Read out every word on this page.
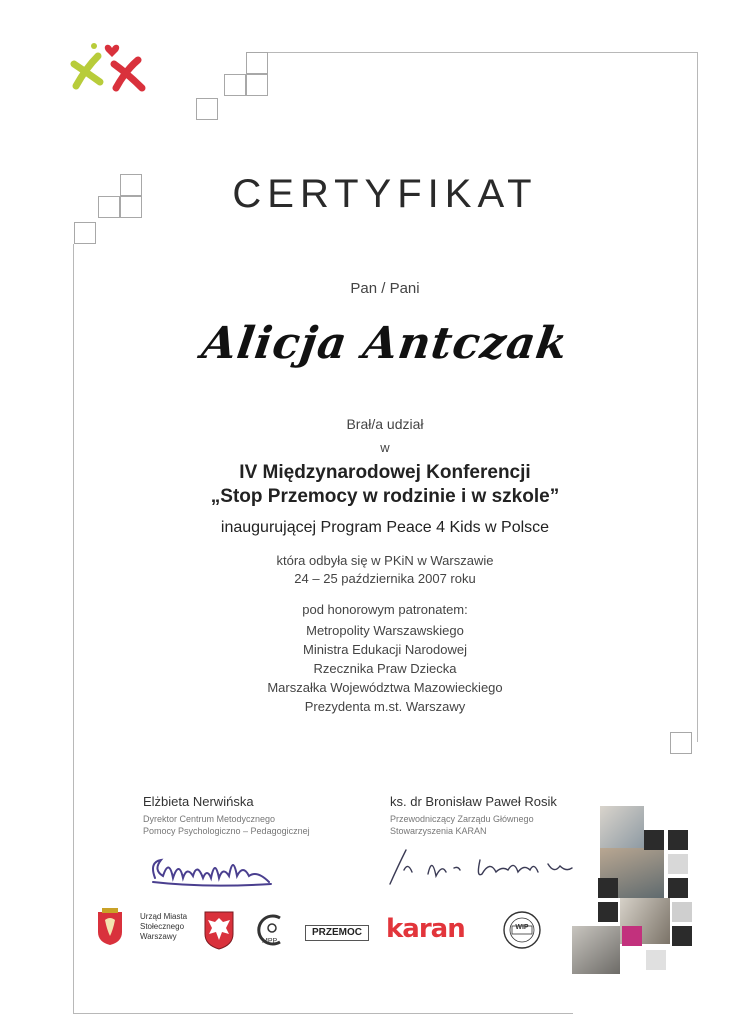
CERTYFIKAT
Pan / Pani
Alicja Antczak
Brał/a udział
w
IV Międzynarodowej Konferencji
„Stop Przemocy w rodzinie i w szkole”
inaugurującej Program Peace 4 Kids w Polsce
która odbyła się w PKiN w Warszawie
24 – 25 października 2007 roku
pod honorowym patronatem:
Metropolity Warszawskiego
Ministra Edukacji Narodowej
Rzecznika Praw Dziecka
Marszałka Województwa Mazowieckiego
Prezydenta m.st. Warszawy
Elżbieta Nerwińska
Dyrektor Centrum Metodycznego
Pomocy Psychologiczno – Pedagogicznej
ks. dr Bronisław Paweł Rosik
Przewodniczący Zarządu Głównego
Stowarzyszenia KARAN
Urząd Miasta
Stołecznego
Warszawy
MPP
PRZEMOC karan	WIP
